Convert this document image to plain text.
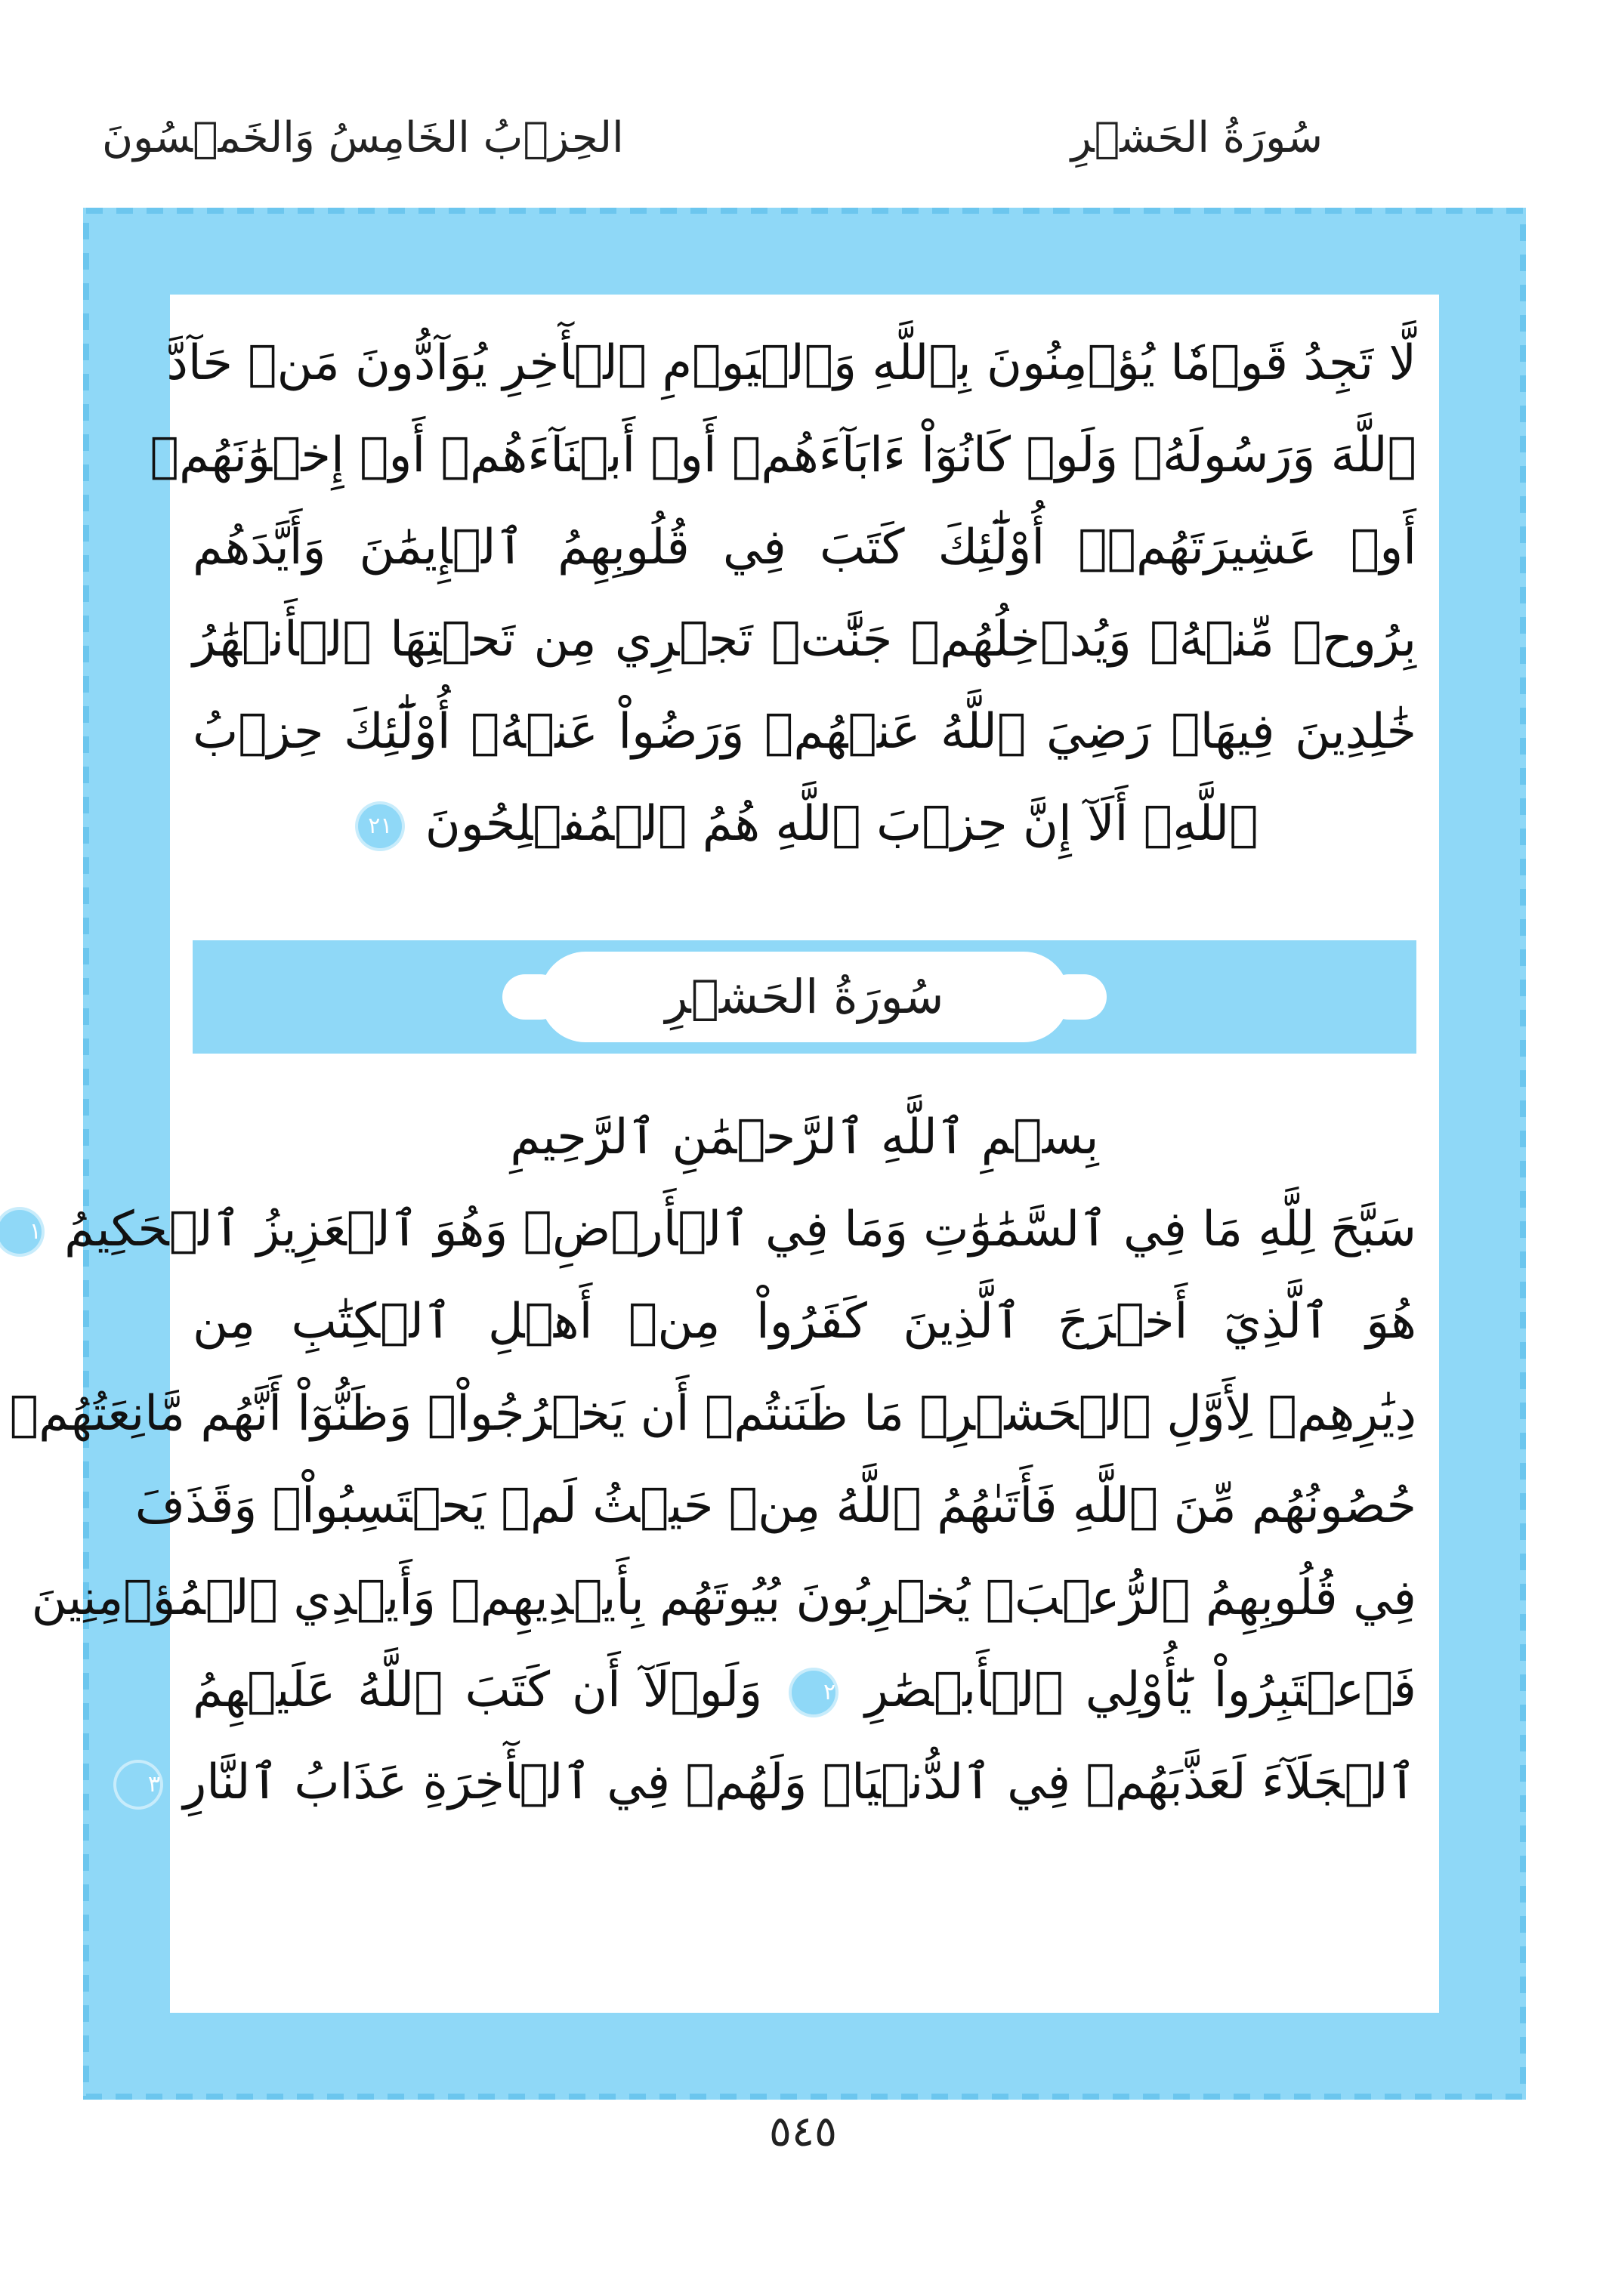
سُورَةُ الحَشۡرِ
الحِزۡبُ الخَامِسُ وَالخَمۡسُونَ
لَّا تَجِدُ قَوۡمٗا يُؤۡمِنُونَ بِٱللَّهِ وَٱلۡيَوۡمِ ٱلۡأٓخِرِ يُوَآدُّونَ مَنۡ حَآدَّ
ٱللَّهَ وَرَسُولَهُۥ وَلَوۡ كَانُوٓاْ ءَابَآءَهُمۡ أَوۡ أَبۡنَآءَهُمۡ أَوۡ إِخۡوَٰنَهُمۡ
أَوۡ عَشِيرَتَهُمۡۚ أُوْلَٰٓئِكَ كَتَبَ فِي قُلُوبِهِمُ ٱلۡإِيمَٰنَ وَأَيَّدَهُم
بِرُوحٖ مِّنۡهُۖ وَيُدۡخِلُهُمۡ جَنَّٰتٖ تَجۡرِي مِن تَحۡتِهَا ٱلۡأَنۡهَٰرُ
خَٰلِدِينَ فِيهَاۚ رَضِيَ ٱللَّهُ عَنۡهُمۡ وَرَضُواْ عَنۡهُۚ أُوْلَٰٓئِكَ حِزۡبُ
ٱللَّهِۚ أَلَآ إِنَّ حِزۡبَ ٱللَّهِ هُمُ ٱلۡمُفۡلِحُونَ ٢١
سُورَةُ الحَشۡرِ
بِسۡمِ ٱللَّهِ ٱلرَّحۡمَٰنِ ٱلرَّحِيمِ
سَبَّحَ لِلَّهِ مَا فِي ٱلسَّمَٰوَٰتِ وَمَا فِي ٱلۡأَرۡضِۖ وَهُوَ ٱلۡعَزِيزُ ٱلۡحَكِيمُ ١
هُوَ ٱلَّذِيٓ أَخۡرَجَ ٱلَّذِينَ كَفَرُواْ مِنۡ أَهۡلِ ٱلۡكِتَٰبِ مِن
دِيَٰرِهِمۡ لِأَوَّلِ ٱلۡحَشۡرِۚ مَا ظَنَنتُمۡ أَن يَخۡرُجُواْۖ وَظَنُّوٓاْ أَنَّهُم مَّانِعَتُهُمۡ
حُصُونُهُم مِّنَ ٱللَّهِ فَأَتَىٰهُمُ ٱللَّهُ مِنۡ حَيۡثُ لَمۡ يَحۡتَسِبُواْۖ وَقَذَفَ
فِي قُلُوبِهِمُ ٱلرُّعۡبَۚ يُخۡرِبُونَ بُيُوتَهُم بِأَيۡدِيهِمۡ وَأَيۡدِي ٱلۡمُؤۡمِنِينَ
فَٱعۡتَبِرُواْ يَٰٓأُوْلِي ٱلۡأَبۡصَٰرِ ٢ وَلَوۡلَآ أَن كَتَبَ ٱللَّهُ عَلَيۡهِمُ
ٱلۡجَلَآءَ لَعَذَّبَهُمۡ فِي ٱلدُّنۡيَاۖ وَلَهُمۡ فِي ٱلۡأٓخِرَةِ عَذَابُ ٱلنَّارِ ٣
٥٤٥
